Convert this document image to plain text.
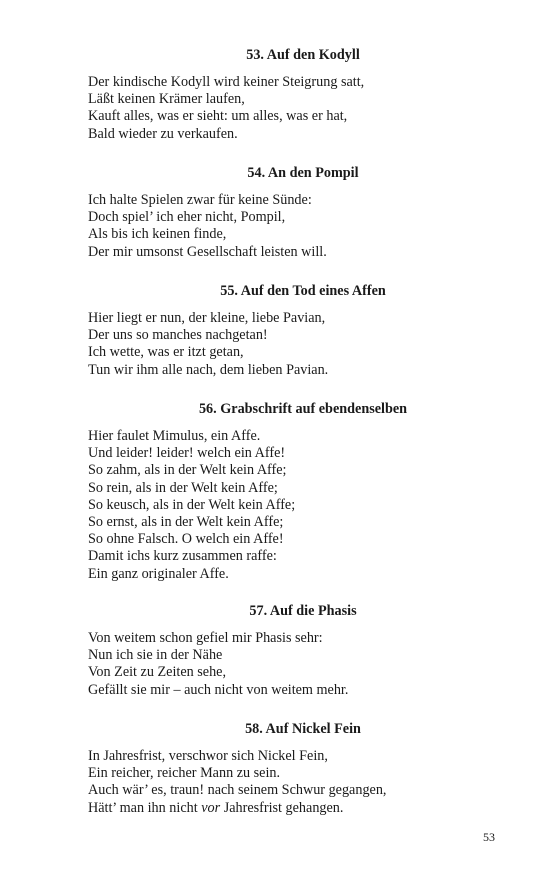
53. Auf den Kodyll
Der kindische Kodyll wird keiner Steigrung satt,
Läßt keinen Krämer laufen,
Kauft alles, was er sieht: um alles, was er hat,
Bald wieder zu verkaufen.
54. An den Pompil
Ich halte Spielen zwar für keine Sünde:
Doch spiel’ ich eher nicht, Pompil,
Als bis ich keinen finde,
Der mir umsonst Gesellschaft leisten will.
55. Auf den Tod eines Affen
Hier liegt er nun, der kleine, liebe Pavian,
Der uns so manches nachgetan!
Ich wette, was er itzt getan,
Tun wir ihm alle nach, dem lieben Pavian.
56. Grabschrift auf ebendenselben
Hier faulet Mimulus, ein Affe.
Und leider! leider! welch ein Affe!
So zahm, als in der Welt kein Affe;
So rein, als in der Welt kein Affe;
So keusch, als in der Welt kein Affe;
So ernst, als in der Welt kein Affe;
So ohne Falsch. O welch ein Affe!
Damit ichs kurz zusammen raffe:
Ein ganz originaler Affe.
57. Auf die Phasis
Von weitem schon gefiel mir Phasis sehr:
Nun ich sie in der Nähe
Von Zeit zu Zeiten sehe,
Gefällt sie mir – auch nicht von weitem mehr.
58. Auf Nickel Fein
In Jahresfrist, verschwor sich Nickel Fein,
Ein reicher, reicher Mann zu sein.
Auch wär’ es, traun! nach seinem Schwur gegangen,
Hätt’ man ihn nicht vor Jahresfrist gehangen.
53
